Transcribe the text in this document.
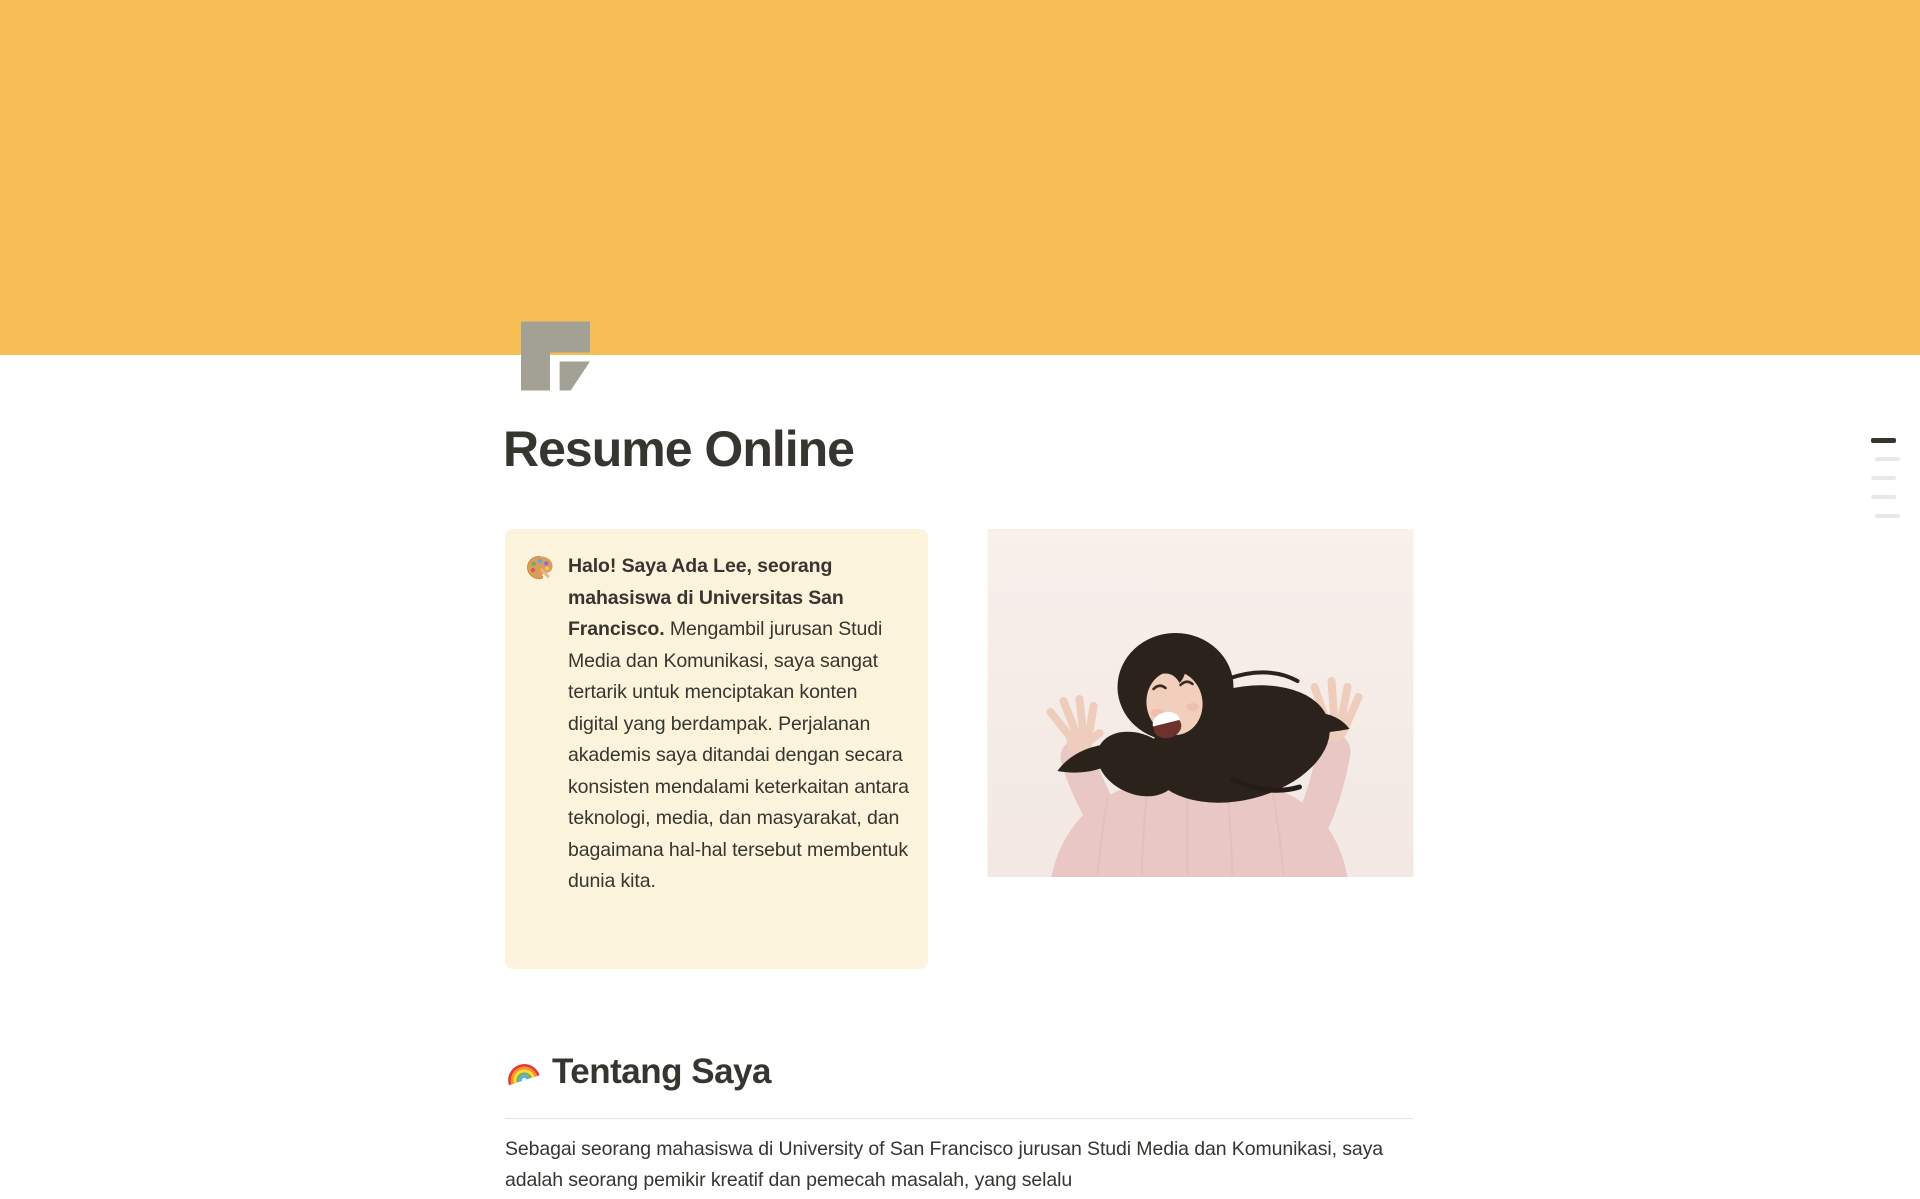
Resume Online
Halo! Saya Ada Lee, seorang mahasiswa di Universitas San Francisco. Mengambil jurusan Studi Media dan Komunikasi, saya sangat tertarik untuk menciptakan konten digital yang berdampak. Perjalanan akademis saya ditandai dengan secara konsisten mendalami keterkaitan antara teknologi, media, dan masyarakat, dan bagaimana hal-hal tersebut membentuk dunia kita.
Tentang Saya

Sebagai seorang mahasiswa di University of San Francisco jurusan Studi Media dan Komunikasi, saya adalah seorang pemikir kreatif dan pemecah masalah, yang selalu
